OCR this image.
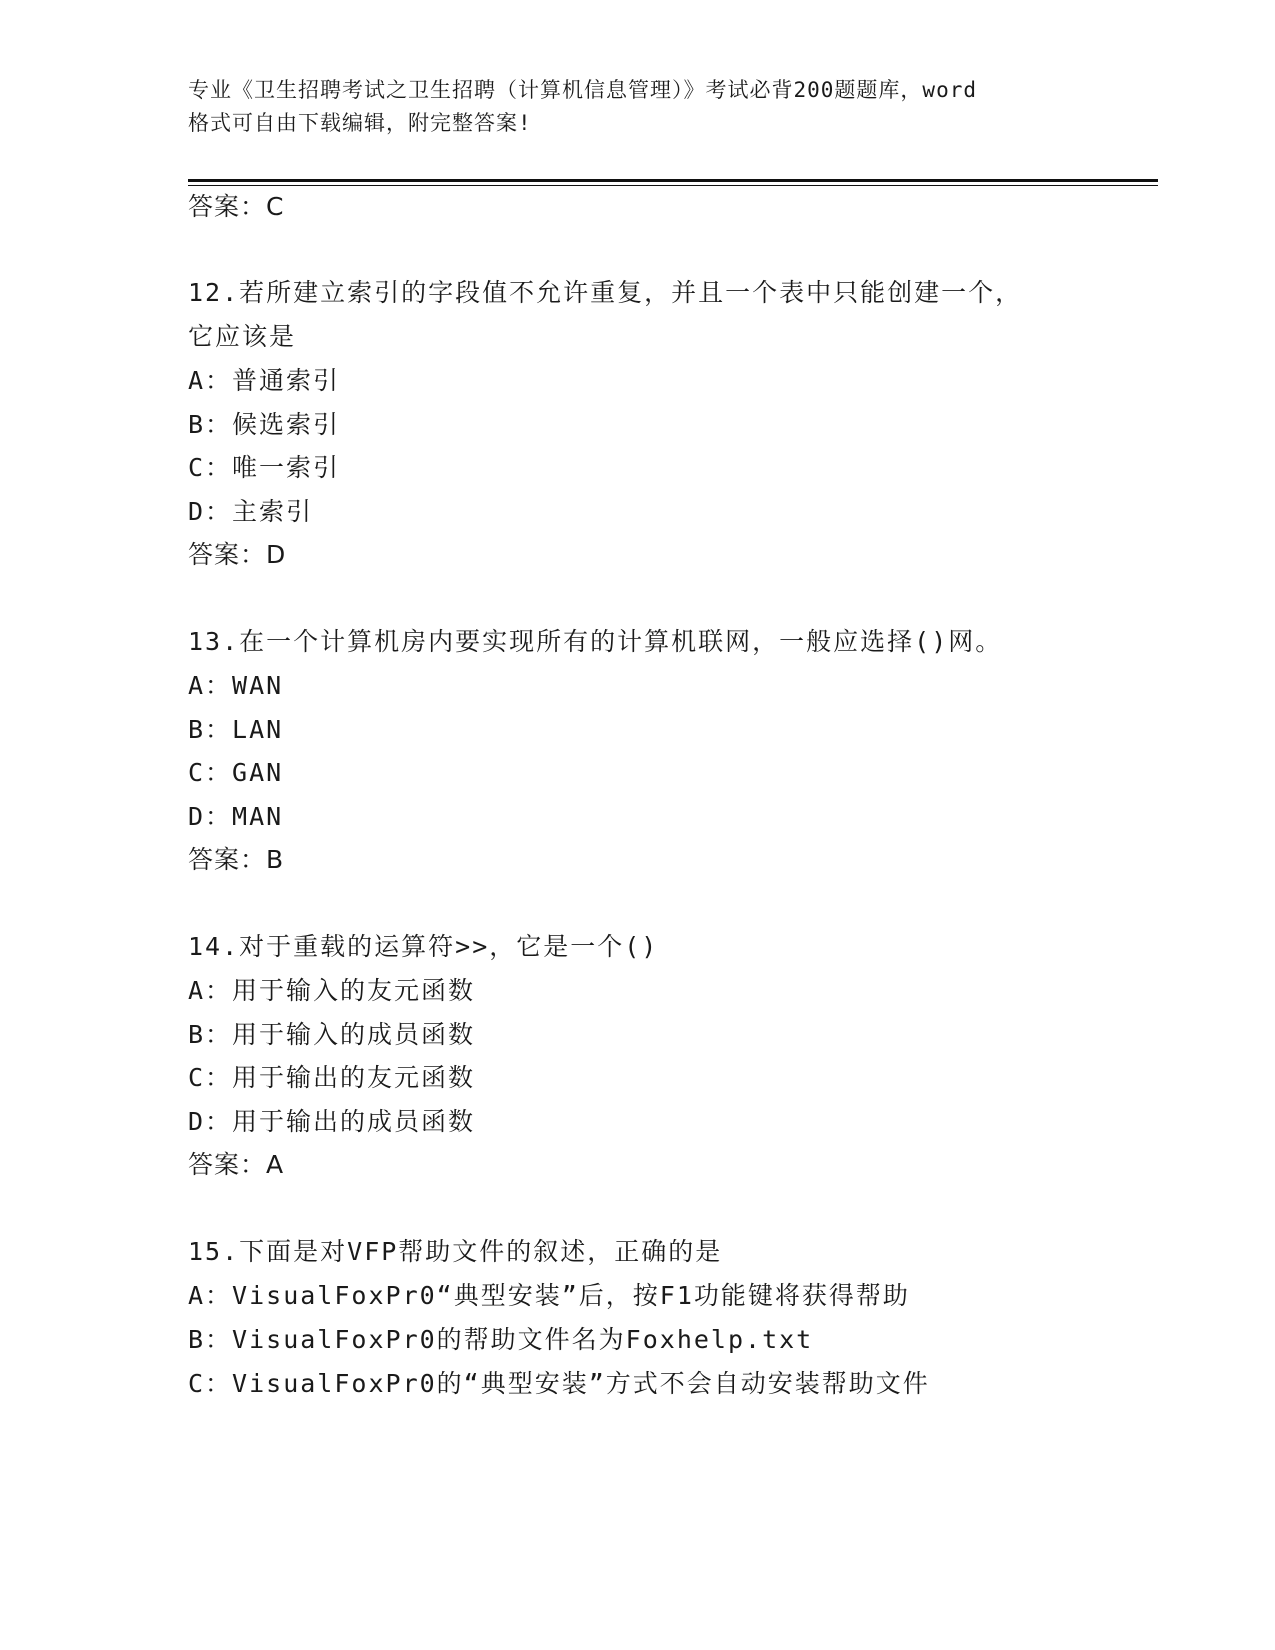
专业《卫生招聘考试之卫生招聘（计算机信息管理）》考试必背200题题库，word
格式可自由下载编辑，附完整答案!
答案：C
12.若所建立索引的字段值不允许重复，并且一个表中只能创建一个，
它应该是
A：普通索引
B：候选索引
C：唯一索引
D：主索引
答案：D
13.在一个计算机房内要实现所有的计算机联网，一般应选择()网。
A：WAN
B：LAN
C：GAN
D：MAN
答案：B
14.对于重载的运算符>>，它是一个()
A：用于输入的友元函数
B：用于输入的成员函数
C：用于输出的友元函数
D：用于输出的成员函数
答案：A
15.下面是对VFP帮助文件的叙述，正确的是
A：VisualFoxPr0“典型安装”后，按F1功能键将获得帮助
B：VisualFoxPr0的帮助文件名为Foxhelp.txt
C：VisualFoxPr0的“典型安装”方式不会自动安装帮助文件
